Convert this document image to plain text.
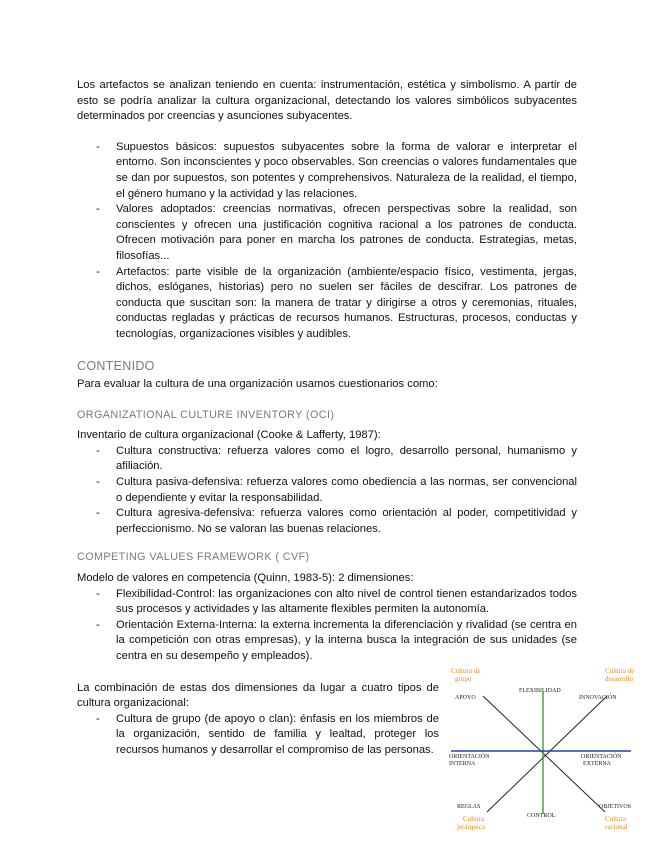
Los artefactos se analizan teniendo en cuenta: instrumentación, estética y simbolismo. A partir de esto se podría analizar la cultura organizacional, detectando los valores simbólicos subyacentes determinados por creencias y asunciones subyacentes.

- Supuestos básicos: supuestos subyacentes sobre la forma de valorar e interpretar el entorno. Son inconscientes y poco observables. Son creencias o valores fundamentales que se dan por supuestos, son potentes y comprehensivos. Naturaleza de la realidad, el tiempo, el género humano y la actividad y las relaciones.
- Valores adoptados: creencias normativas, ofrecen perspectivas sobre la realidad, son conscientes y ofrecen una justificación cognitiva racional a los patrones de conducta. Ofrecen motivación para poner en marcha los patrones de conducta. Estrategias, metas, filosofías...
- Artefactos: parte visible de la organización (ambiente/espacio físico, vestimenta, jergas, dichos, eslóganes, historias) pero no suelen ser fáciles de descifrar. Los patrones de conducta que suscitan son: la manera de tratar y dirigirse a otros y ceremonias, rituales, conductas regladas y prácticas de recursos humanos. Estructuras, procesos, conductas y tecnologías, organizaciones visibles y audibles.

CONTENIDO

Para evaluar la cultura de una organización usamos cuestionarios como:

ORGANIZATIONAL CULTURE INVENTORY (OCI)

Inventario de cultura organizacional (Cooke & Lafferty, 1987):

- Cultura constructiva: refuerza valores como el logro, desarrollo personal, humanismo y afiliación.
- Cultura pasiva-defensiva: refuerza valores como obediencia a las normas, ser convencional o dependiente y evitar la responsabilidad.
- Cultura agresiva-defensiva: refuerza valores como orientación al poder, competitividad y perfeccionismo. No se valoran las buenas relaciones.

COMPETING VALUES FRAMEWORK ( CVF)

Modelo de valores en competencia (Quinn, 1983-5): 2 dimensiones:

- Flexibilidad-Control: las organizaciones con alto nivel de control tienen estandarizados todos sus procesos y actividades y las altamente flexibles permiten la autonomía.
- Orientación Externa-Interna: la externa incrementa la diferenciación y rivalidad (se centra en la competición con otras empresas), y la interna busca la integración de sus unidades (se centra en su desempeño y empleados).

La combinación de estas dos dimensiones da lugar a cuatro tipos de cultura organizacional:

- Cultura de grupo (de apoyo o clan): énfasis en los miembros de la organización, sentido de familia y lealtad, proteger los recursos humanos y desarrollar el compromiso de las personas.
Cultura de
grupo
Cultura de
desarrollo
Cultura
jerárquica
Cultura
racional
FLEXIBILIDAD
CONTROL
APOYO	INNOVACIÓN
REGLAS	OBJETIVOS
ORIENTACIÓN
INTERNA
ORIENTACIÓN
EXTERNA
